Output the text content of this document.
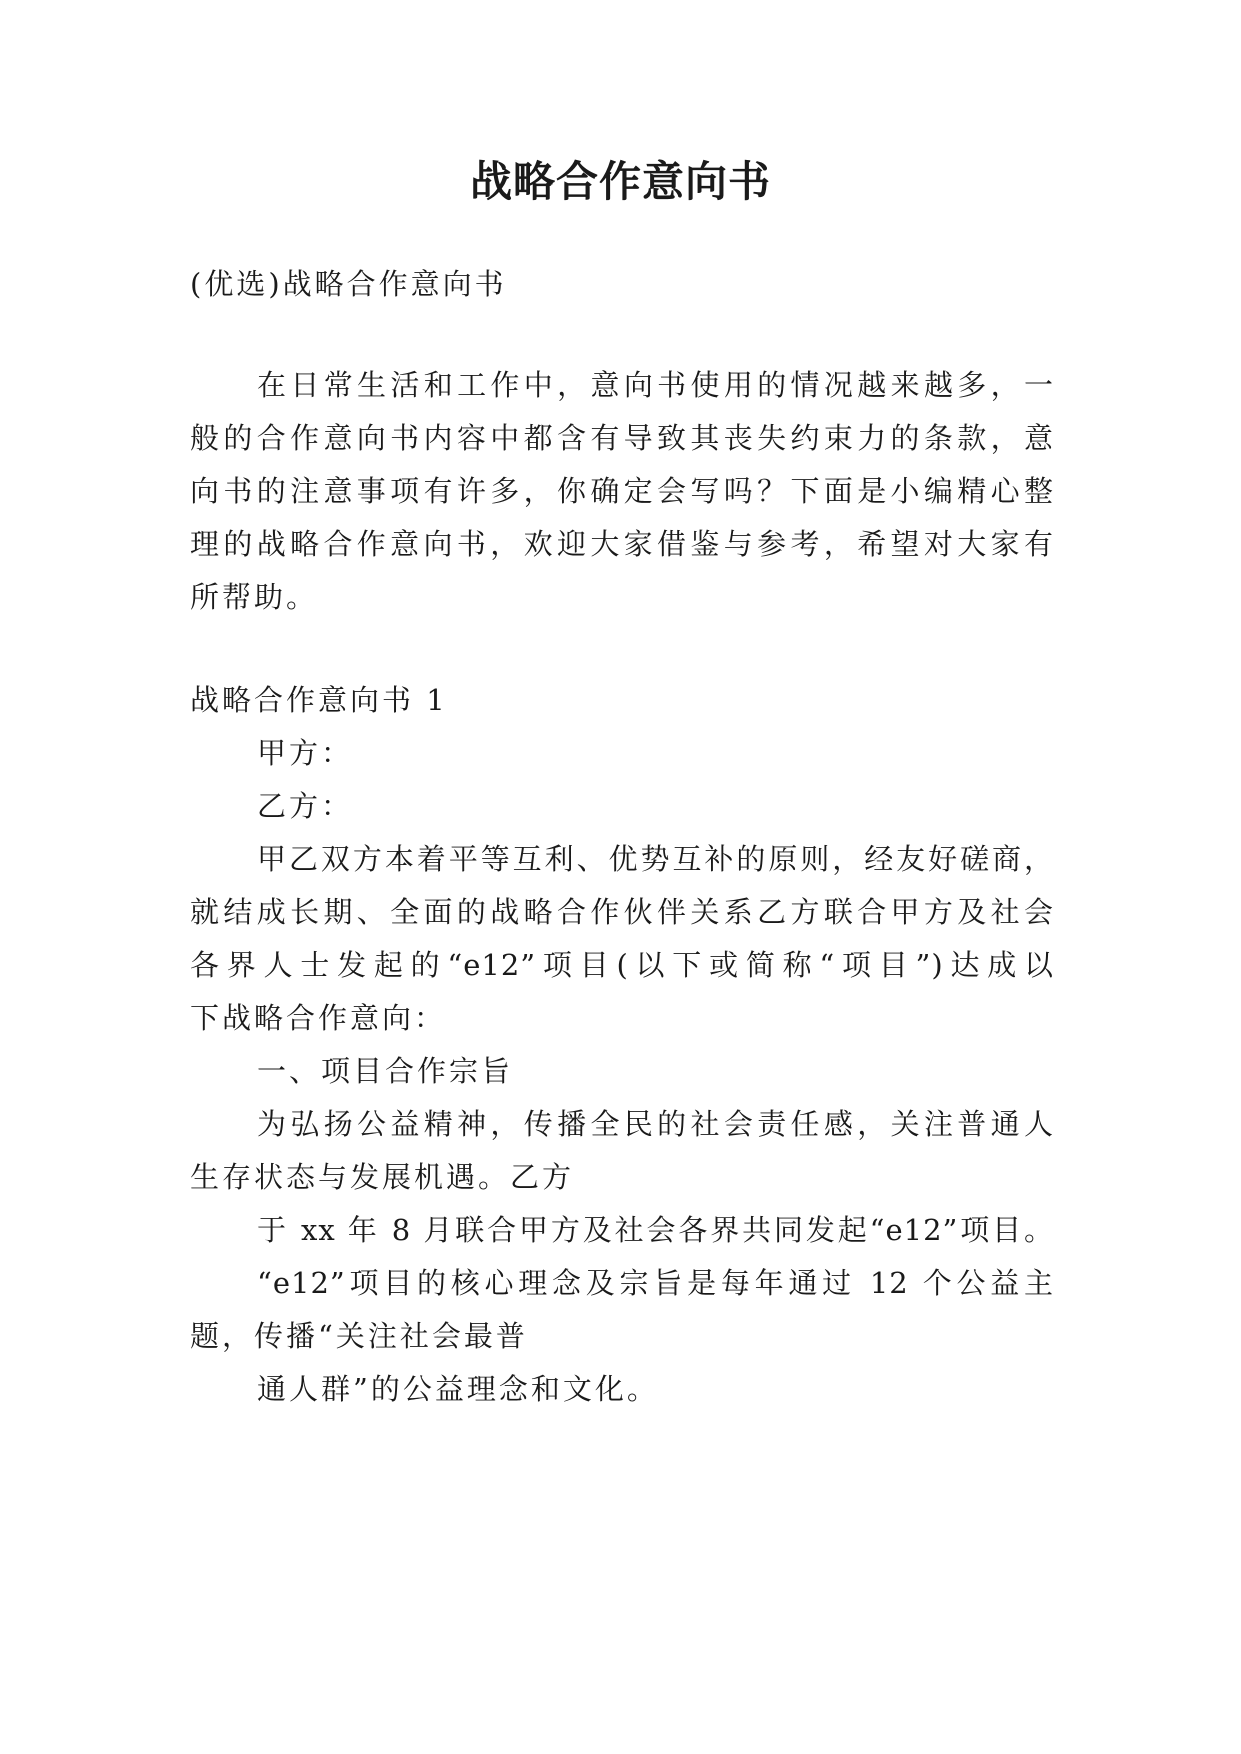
战略合作意向书
(优选)战略合作意向书
在日常生活和工作中，意向书使用的情况越来越多，一
般的合作意向书内容中都含有导致其丧失约束力的条款，意
向书的注意事项有许多，你确定会写吗？下面是小编精心整
理的战略合作意向书，欢迎大家借鉴与参考，希望对大家有
所帮助。
战略合作意向书 1
甲方：
乙方：
甲乙双方本着平等互利、优势互补的原则，经友好磋商，
就结成长期、全面的战略合作伙伴关系乙方联合甲方及社会
各界人士发起的“e12”项目(以下或简称“项目”)达成以
下战略合作意向：
一、项目合作宗旨
为弘扬公益精神，传播全民的社会责任感，关注普通人
生存状态与发展机遇。乙方
于 xx 年 8 月联合甲方及社会各界共同发起“e12”项目。
“e12”项目的核心理念及宗旨是每年通过 12 个公益主
题，传播“关注社会最普
通人群”的公益理念和文化。
